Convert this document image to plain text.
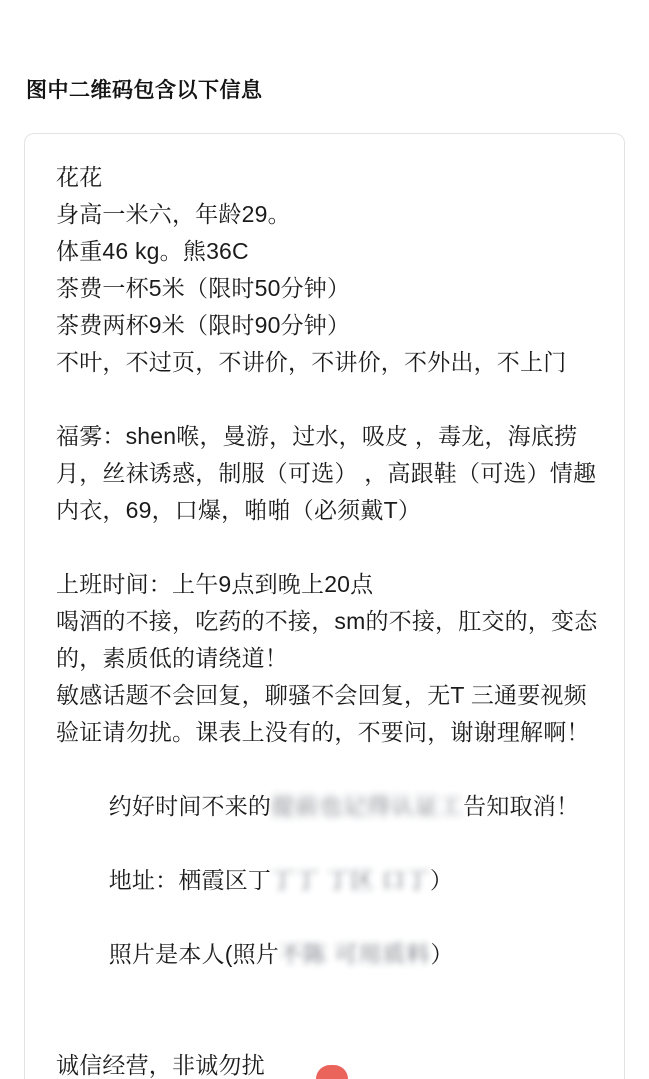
图中二维码包含以下信息

花花

身高一米六，年龄29。

体重46 kg。熊36C

茶费一杯5米（限时50分钟）

茶费两杯9米（限时90分钟）

不叶，不过页，不讲价，不讲价，不外出，不上门

福雾：shen喉，曼游，过水，吸皮 ，毒龙，海底捞月，丝袜诱惑，制服（可选） ，高跟鞋（可选）情趣内衣，69，口爆，啪啪（必须戴T）

上班时间：上午9点到晚上20点

喝酒的不接，吃药的不接，sm的不接，肛交的，变态的，素质低的请绕道！

敏感话题不会回复，聊骚不会回复，无T 三通要视频验证请勿扰。课表上没有的，不要问，谢谢理解啊！

约好时间不来的提前也记得认证工告知取消！

地址：栖霞区丁丁丁 丁区 口丁）

照片是本人(照片不陈 可用质料）

诚信经营，非诚勿扰
